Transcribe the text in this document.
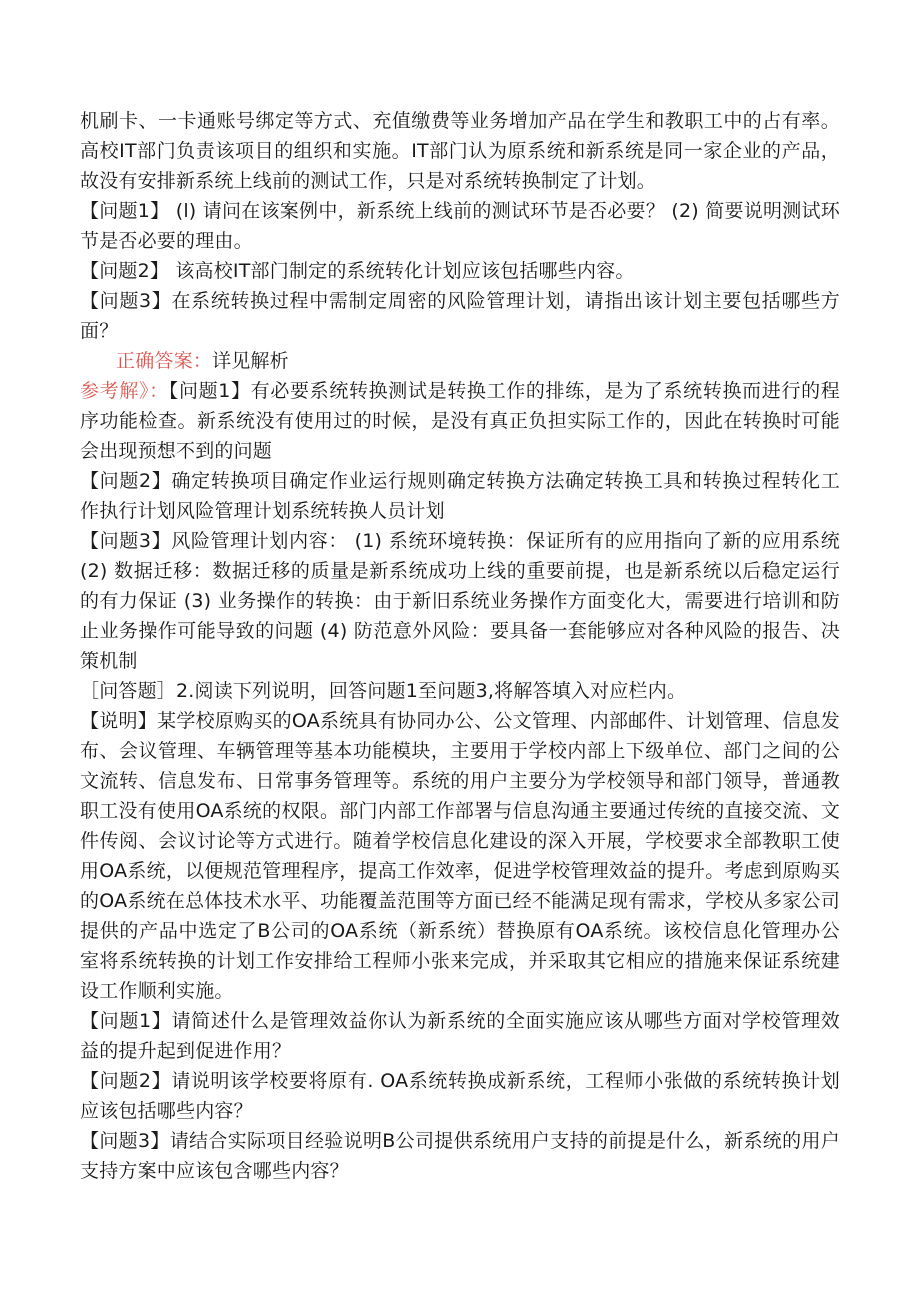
机刷卡、一卡通账号绑定等方式、充值缴费等业务增加产品在学生和教职工中的占有率。高校IT部门负责该项目的组织和实施。IT部门认为原系统和新系统是同一家企业的产品，故没有安排新系统上线前的测试工作，只是对系统转换制定了计划。

【问题1】 (l) 请问在该案例中，新系统上线前的测试环节是否必要？ (2) 简要说明测试环节是否必要的理由。

【问题2】 该高校IT部门制定的系统转化计划应该包括哪些内容。

【问题3】在系统转换过程中需制定周密的风险管理计划，请指出该计划主要包括哪些方面？

正确答案：详见解析

参考解》：【问题1】有必要系统转换测试是转换工作的排练，是为了系统转换而进行的程序功能检查。新系统没有使用过的时候，是没有真正负担实际工作的，因此在转换时可能会出现预想不到的问题

【问题2】确定转换项目确定作业运行规则确定转换方法确定转换工具和转换过程转化工作执行计划风险管理计划系统转换人员计划

【问题3】风险管理计划内容： (1) 系统环境转换：保证所有的应用指向了新的应用系统 (2) 数据迁移：数据迁移的质量是新系统成功上线的重要前提，也是新系统以后稳定运行的有力保证 (3) 业务操作的转换：由于新旧系统业务操作方面变化大，需要进行培训和防止业务操作可能导致的问题 (4) 防范意外风险：要具备一套能够应对各种风险的报告、决策机制

［问答题］2.阅读下列说明，回答问题1至问题3,将解答填入对应栏内。

【说明】某学校原购买的OA系统具有协同办公、公文管理、内部邮件、计划管理、信息发布、会议管理、车辆管理等基本功能模块，主要用于学校内部上下级单位、部门之间的公文流转、信息发布、日常事务管理等。系统的用户主要分为学校领导和部门领导，普通教职工没有使用OA系统的权限。部门内部工作部署与信息沟通主要通过传统的直接交流、文件传阅、会议讨论等方式进行。随着学校信息化建设的深入开展，学校要求全部教职工使用OA系统，以便规范管理程序，提高工作效率，促进学校管理效益的提升。考虑到原购买的OA系统在总体技术水平、功能覆盖范围等方面已经不能满足现有需求，学校从多家公司提供的产品中选定了B公司的OA系统（新系统）替换原有OA系统。该校信息化管理办公室将系统转换的计划工作安排给工程师小张来完成，并采取其它相应的措施来保证系统建设工作顺利实施。

【问题1】请简述什么是管理效益你认为新系统的全面实施应该从哪些方面对学校管理效益的提升起到促进作用？

【问题2】请说明该学校要将原有. OA系统转换成新系统，工程师小张做的系统转换计划应该包括哪些内容？

【问题3】请结合实际项目经验说明B公司提供系统用户支持的前提是什么，新系统的用户支持方案中应该包含哪些内容？
